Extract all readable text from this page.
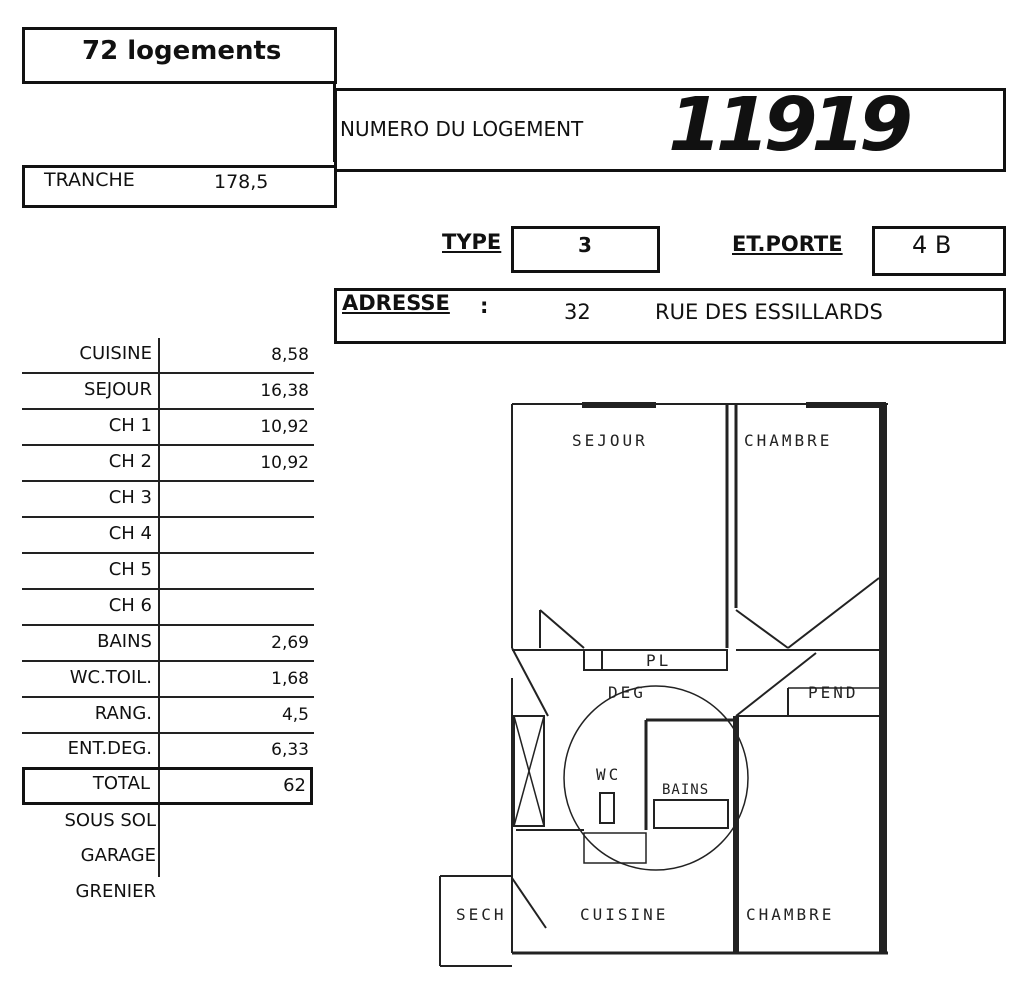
72 logements
TRANCHE	178,5
NUMERO DU LOGEMENT 11919
TYPE	3	ET.PORTE	4 B
ADRESSE :	32	RUE DES ESSILLARDS
CUISINE	8,58
SEJOUR	16,38
CH 1	10,92
CH 2	10,92
CH 3
CH 4
CH 5
CH 6
BAINS	2,69
WC.TOIL.	1,68
RANG.	4,5
ENT.DEG.	6,33
TOTAL	62
SOUS SOL
GARAGE
GRENIER
SEJOUR	CHAMBRE
PL
DEG	PEND
WC
BAINS
SECH	CUISINE	CHAMBRE
